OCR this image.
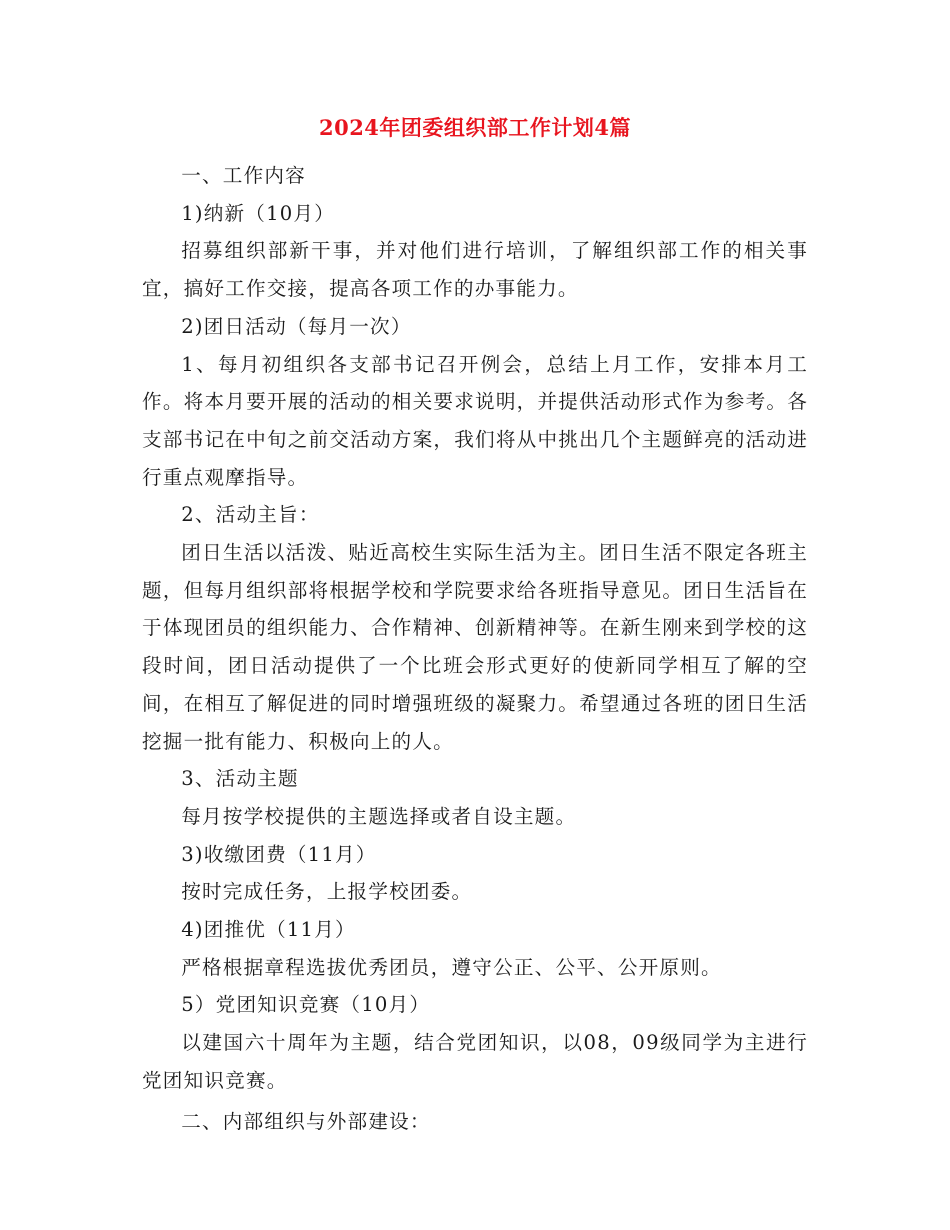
2024年团委组织部工作计划4篇

一、工作内容

1)纳新（10月）

招募组织部新干事，并对他们进行培训，了解组织部工作的相关事宜，搞好工作交接，提高各项工作的办事能力。

2)团日活动（每月一次）

1、每月初组织各支部书记召开例会，总结上月工作，安排本月工作。将本月要开展的活动的相关要求说明，并提供活动形式作为参考。各支部书记在中旬之前交活动方案，我们将从中挑出几个主题鲜亮的活动进行重点观摩指导。

2、活动主旨：

团日生活以活泼、贴近高校生实际生活为主。团日生活不限定各班主题，但每月组织部将根据学校和学院要求给各班指导意见。团日生活旨在于体现团员的组织能力、合作精神、创新精神等。在新生刚来到学校的这段时间，团日活动提供了一个比班会形式更好的使新同学相互了解的空间，在相互了解促进的同时增强班级的凝聚力。希望通过各班的团日生活挖掘一批有能力、积极向上的人。

3、活动主题

每月按学校提供的主题选择或者自设主题。

3)收缴团费（11月）

按时完成任务，上报学校团委。

4)团推优（11月）

严格根据章程选拔优秀团员，遵守公正、公平、公开原则。

5）党团知识竞赛（10月）

以建国六十周年为主题，结合党团知识，以08，09级同学为主进行党团知识竞赛。

二、内部组织与外部建设：
